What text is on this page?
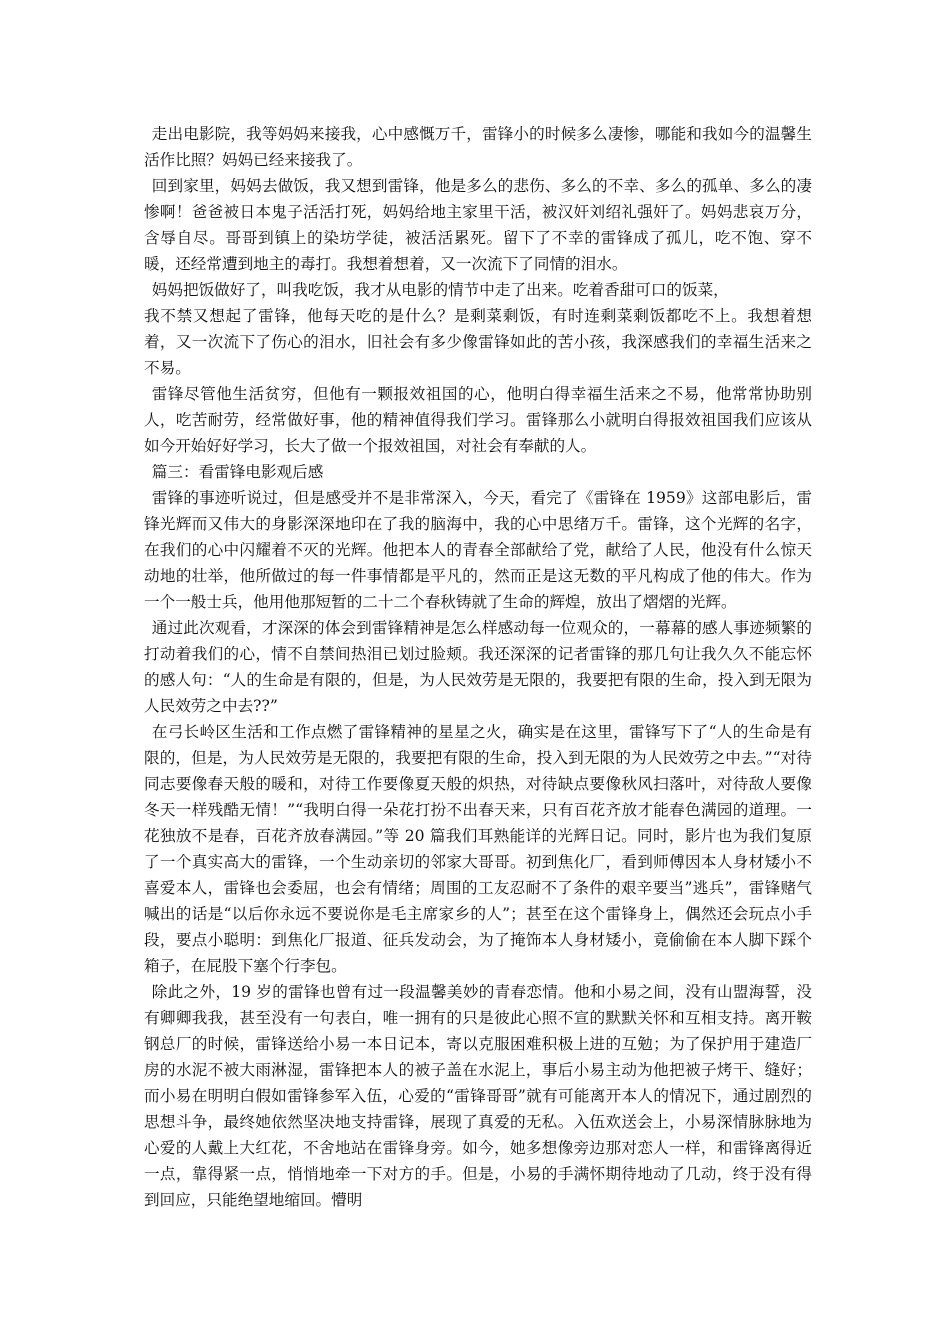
走出电影院，我等妈妈来接我，心中感慨万千，雷锋小的时候多么凄惨，哪能和我如今的温馨生活作比照？妈妈已经来接我了。

回到家里，妈妈去做饭，我又想到雷锋，他是多么的悲伤、多么的不幸、多么的孤单、多么的凄惨啊！爸爸被日本鬼子活活打死，妈妈给地主家里干活，被汉奸刘绍礼强奸了。妈妈悲哀万分，含辱自尽。哥哥到镇上的染坊学徒，被活活累死。留下了不幸的雷锋成了孤儿，吃不饱、穿不暖，还经常遭到地主的毒打。我想着想着，又一次流下了同情的泪水。

妈妈把饭做好了，叫我吃饭，我才从电影的情节中走了出来。吃着香甜可口的饭菜，

我不禁又想起了雷锋，他每天吃的是什么？是剩菜剩饭，有时连剩菜剩饭都吃不上。我想着想着，又一次流下了伤心的泪水，旧社会有多少像雷锋如此的苦小孩，我深感我们的幸福生活来之不易。

雷锋尽管他生活贫穷，但他有一颗报效祖国的心，他明白得幸福生活来之不易，他常常协助别人，吃苦耐劳，经常做好事，他的精神值得我们学习。雷锋那么小就明白得报效祖国我们应该从如今开始好好学习，长大了做一个报效祖国，对社会有奉献的人。

篇三：看雷锋电影观后感

雷锋的事迹听说过，但是感受并不是非常深入，今天，看完了《雷锋在 1959》这部电影后，雷锋光辉而又伟大的身影深深地印在了我的脑海中，我的心中思绪万千。雷锋，这个光辉的名字，在我们的心中闪耀着不灭的光辉。他把本人的青春全部献给了党，献给了人民，他没有什么惊天动地的壮举，他所做过的每一件事情都是平凡的，然而正是这无数的平凡构成了他的伟大。作为一个一般士兵，他用他那短暂的二十二个春秋铸就了生命的辉煌，放出了熠熠的光辉。

通过此次观看，才深深的体会到雷锋精神是怎么样感动每一位观众的，一幕幕的感人事迹频繁的打动着我们的心，情不自禁间热泪已划过脸颊。我还深深的记者雷锋的那几句让我久久不能忘怀的感人句：“人的生命是有限的，但是，为人民效劳是无限的，我要把有限的生命，投入到无限为人民效劳之中去??”

在弓长岭区生活和工作点燃了雷锋精神的星星之火，确实是在这里，雷锋写下了“人的生命是有限的，但是，为人民效劳是无限的，我要把有限的生命，投入到无限的为人民效劳之中去。”“对待同志要像春天般的暖和，对待工作要像夏天般的炽热，对待缺点要像秋风扫落叶，对待敌人要像冬天一样残酷无情！”“我明白得一朵花打扮不出春天来，只有百花齐放才能春色满园的道理。一花独放不是春，百花齐放春满园。”等 20 篇我们耳熟能详的光辉日记。同时，影片也为我们复原了一个真实高大的雷锋，一个生动亲切的邻家大哥哥。初到焦化厂，看到师傅因本人身材矮小不喜爱本人，雷锋也会委屈，也会有情绪；周围的工友忍耐不了条件的艰辛要当”逃兵”，雷锋赌气喊出的话是“以后你永远不要说你是毛主席家乡的人”；甚至在这个雷锋身上，偶然还会玩点小手段，要点小聪明：到焦化厂报道、征兵发动会，为了掩饰本人身材矮小，竟偷偷在本人脚下踩个箱子，在屁股下塞个行李包。

除此之外，19 岁的雷锋也曾有过一段温馨美妙的青春恋情。他和小易之间，没有山盟海誓，没有卿卿我我，甚至没有一句表白，唯一拥有的只是彼此心照不宣的默默关怀和互相支持。离开鞍钢总厂的时候，雷锋送给小易一本日记本，寄以克服困难积极上进的互勉；为了保护用于建造厂房的水泥不被大雨淋湿，雷锋把本人的被子盖在水泥上，事后小易主动为他把被子烤干、缝好；而小易在明明白假如雷锋参军入伍，心爱的“雷锋哥哥”就有可能离开本人的情况下，通过剧烈的思想斗争，最终她依然坚决地支持雷锋，展现了真爱的无私。入伍欢送会上，小易深情脉脉地为心爱的人戴上大红花，不舍地站在雷锋身旁。如今，她多想像旁边那对恋人一样，和雷锋离得近一点，靠得紧一点，悄悄地牵一下对方的手。但是，小易的手满怀期待地动了几动，终于没有得到回应，只能绝望地缩回。懵明
